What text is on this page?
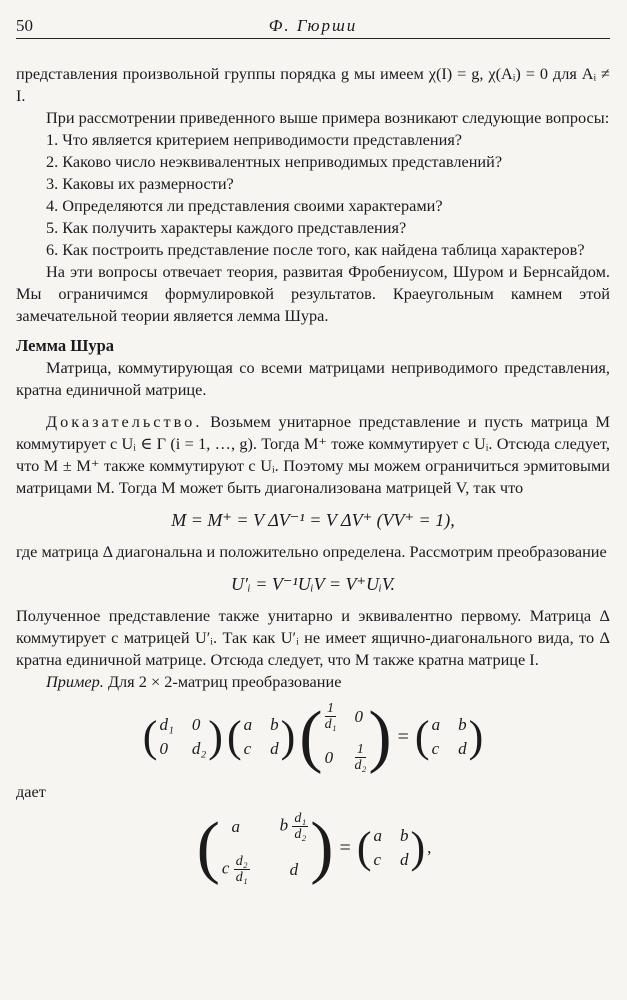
50	Ф. Гюрши

представления произвольной группы порядка g мы имеем χ(I) = g, χ(Aᵢ) = 0 для Aᵢ ≠ I.

При рассмотрении приведенного выше примера возникают следующие вопросы:

1. Что является критерием неприводимости представления?
2. Каково число неэквивалентных неприводимых представлений?
3. Каковы их размерности?
4. Определяются ли представления своими характерами?
5. Как получить характеры каждого представления?

6. Как построить представление после того, как найдена таблица характеров?

На эти вопросы отвечает теория, развитая Фробениусом, Шуром и Бернсайдом. Мы ограничимся формулировкой результатов. Краеугольным камнем этой замечательной теории является лемма Шура.

Лемма Шура

Матрица, коммутирующая со всеми матрицами неприводимого представления, кратна единичной матрице.

Доказательство. Возьмем унитарное представление и пусть матрица M коммутирует с Uᵢ ∈ Γ (i = 1, …, g). Тогда M⁺ тоже коммутирует с Uᵢ. Отсюда следует, что M ± M⁺ также коммутируют с Uᵢ. Поэтому мы можем ограничиться эрмитовыми матрицами M. Тогда M может быть диагонализована матрицей V, так что

M = M⁺ = V ΔV⁻¹ = V ΔV⁺ (VV⁺ = 1),

где матрица Δ диагональна и положительно определена. Рассмотрим преобразование

U′ᵢ = V⁻¹UᵢV = V⁺UᵢV.

Полученное представление также унитарно и эквивалентно первому. Матрица Δ коммутирует с матрицей U′ᵢ. Так как U′ᵢ не имеет ящично-диагонального вида, то Δ кратна единичной матрице. Отсюда следует, что M также кратна матрице I.

Пример. Для 2 × 2-матриц преобразование

( d₁ 0
0	d₂ ) ( a b
c d ) ( $\frac{1}{\text{d₁}} 0$
$0 \frac{1}{\text{d₂}}$ ) = ( a b
c d )

дает

( a	b $\frac{\text{d₁}}{\text{d₂}}$
c $\frac{\text{d₂}}{\text{d₁}}$	d ) = ( a b
c d ) ,
